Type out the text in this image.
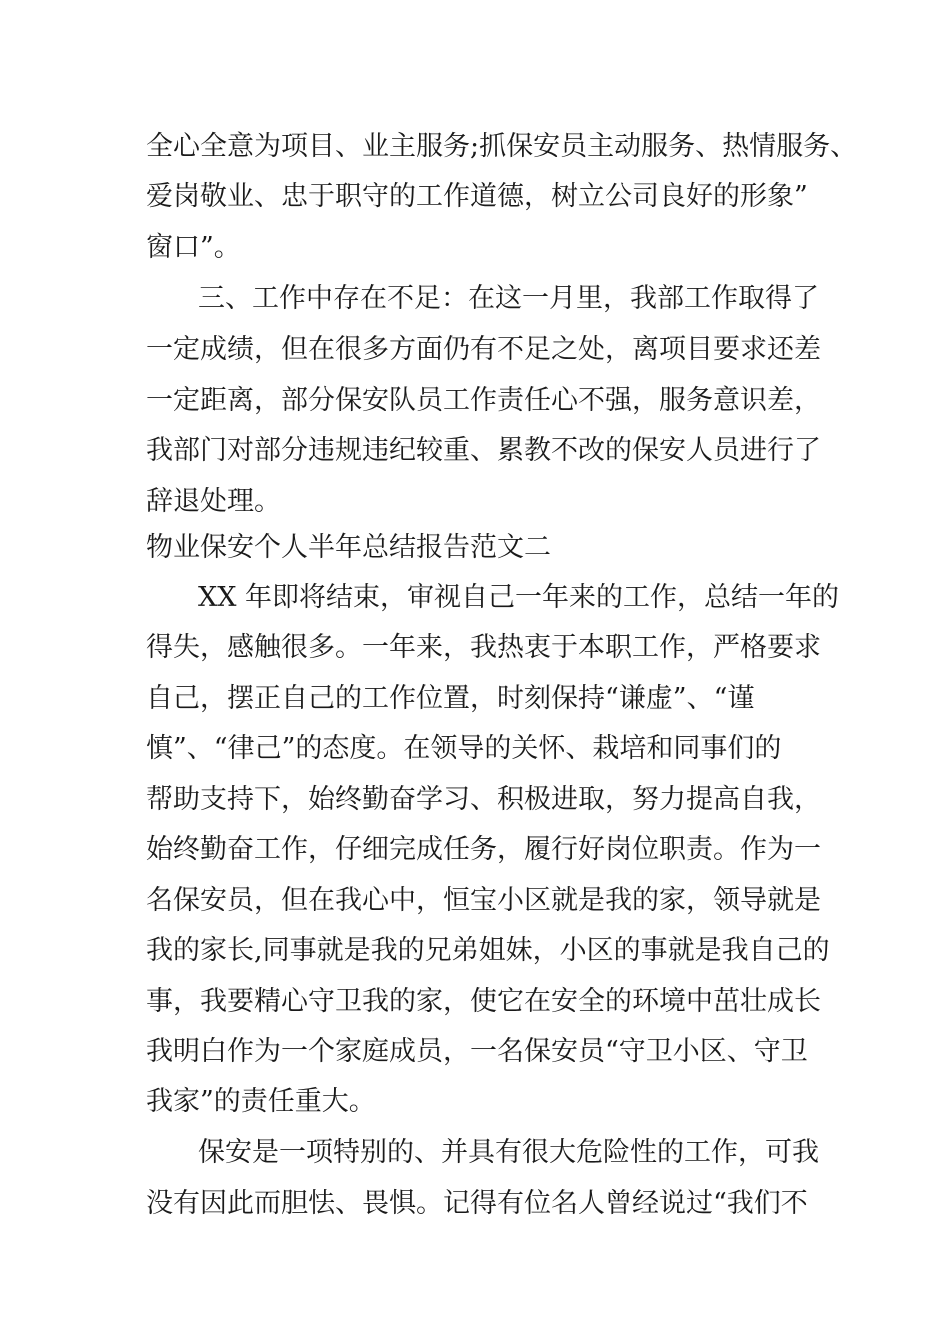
全心全意为项目、业主服务;抓保安员主动服务、热情服务、
爱岗敬业、忠于职守的工作道德，树立公司良好的形象”
窗口”。
三、工作中存在不足：在这一月里，我部工作取得了
一定成绩，但在很多方面仍有不足之处，离项目要求还差
一定距离，部分保安队员工作责任心不强，服务意识差，
我部门对部分违规违纪较重、累教不改的保安人员进行了
辞退处理。
物业保安个人半年总结报告范文二
XX 年即将结束，审视自己一年来的工作，总结一年的
得失，感触很多。一年来，我热衷于本职工作，严格要求
自己，摆正自己的工作位置，时刻保持“谦虚”、“谨
慎”、“律己”的态度。在领导的关怀、栽培和同事们的
帮助支持下，始终勤奋学习、积极进取，努力提高自我，
始终勤奋工作，仔细完成任务，履行好岗位职责。作为一
名保安员，但在我心中，恒宝小区就是我的家，领导就是
我的家长,同事就是我的兄弟姐妹，小区的事就是我自己的
事，我要精心守卫我的家，使它在安全的环境中茁壮成长
我明白作为一个家庭成员，一名保安员“守卫小区、守卫
我家”的责任重大。
保安是一项特别的、并具有很大危险性的工作，可我
没有因此而胆怯、畏惧。记得有位名人曾经说过“我们不
